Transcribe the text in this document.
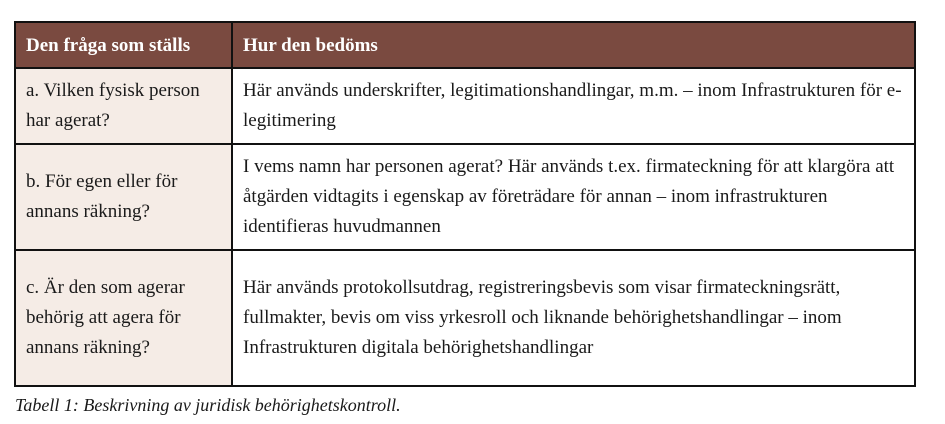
Den fråga som ställs	Hur den bedöms
a. Vilken fysisk person har agerat?	Här används underskrifter, legitimationshandlingar, m.m. – inom Infrastrukturen för e-legitimering
b. För egen eller för annans räkning?	I vems namn har personen agerat? Här används t.ex. firmateckning för att klargöra att åtgärden vidtagits i egenskap av företrädare för annan – inom infrastrukturen identifieras huvudmannen
c. Är den som agerar behörig att agera för annans räkning?	Här används protokollsutdrag, registreringsbevis som visar firmateckningsrätt, fullmakter, bevis om viss yrkesroll och liknande behörighetshandlingar – inom Infrastrukturen digitala behörighetshandlingar
Tabell 1: Beskrivning av juridisk behörighetskontroll.
